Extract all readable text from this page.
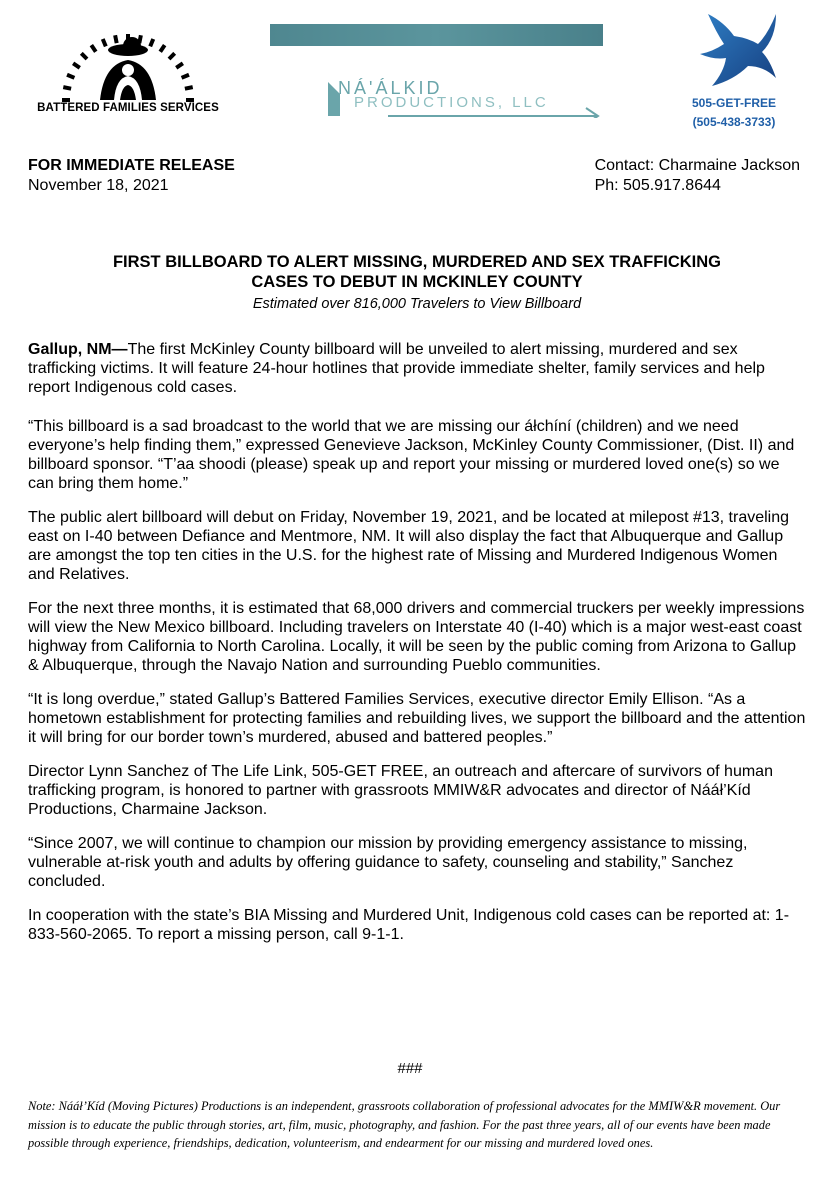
BATTERED FAMILIES SERVICES
NÁ'ÁLKID
PRODUCTIONS, LLC	505-GET-FREE
(505-438-3733)
FOR IMMEDIATE RELEASE
November 18, 2021
Contact: Charmaine Jackson
Ph: 505.917.8644
FIRST BILLBOARD TO ALERT MISSING, MURDERED AND SEX TRAFFICKING
CASES TO DEBUT IN MCKINLEY COUNTY
Estimated over 816,000 Travelers to View Billboard

Gallup, NM—The first McKinley County billboard will be unveiled to alert missing, murdered and sex trafficking victims. It will feature 24-hour hotlines that provide immediate shelter, family services and help report Indigenous cold cases.

“This billboard is a sad broadcast to the world that we are missing our áłchíní (children) and we need everyone’s help finding them,” expressed Genevieve Jackson, McKinley County Commissioner, (Dist. II) and billboard sponsor. “T’aa shoodi (please) speak up and report your missing or murdered loved one(s) so we can bring them home.”

The public alert billboard will debut on Friday, November 19, 2021, and be located at milepost #13, traveling east on I-40 between Defiance and Mentmore, NM. It will also display the fact that Albuquerque and Gallup are amongst the top ten cities in the U.S. for the highest rate of Missing and Murdered Indigenous Women and Relatives.

For the next three months, it is estimated that 68,000 drivers and commercial truckers per weekly impressions will view the New Mexico billboard. Including travelers on Interstate 40 (I-40) which is a major west-east coast highway from California to North Carolina. Locally, it will be seen by the public coming from Arizona to Gallup & Albuquerque, through the Navajo Nation and surrounding Pueblo communities.

“It is long overdue,” stated Gallup’s Battered Families Services, executive director Emily Ellison. “As a hometown establishment for protecting families and rebuilding lives, we support the billboard and the attention it will bring for our border town’s murdered, abused and battered peoples.”

Director Lynn Sanchez of The Life Link, 505-GET FREE, an outreach and aftercare of survivors of human trafficking program, is honored to partner with grassroots MMIW&R advocates and director of Nááł’Kíd Productions, Charmaine Jackson.

“Since 2007, we will continue to champion our mission by providing emergency assistance to missing, vulnerable at-risk youth and adults by offering guidance to safety, counseling and stability,” Sanchez concluded.

In cooperation with the state’s BIA Missing and Murdered Unit, Indigenous cold cases can be reported at: 1-833-560-2065. To report a missing person, call 9-1-1.

###
Note: Nááł’Kíd (Moving Pictures) Productions is an independent, grassroots collaboration of professional advocates for the MMIW&R movement. Our mission is to educate the public through stories, art, film, music, photography, and fashion. For the past three years, all of our events have been made possible through experience, friendships, dedication, volunteerism, and endearment for our missing and murdered loved ones.
